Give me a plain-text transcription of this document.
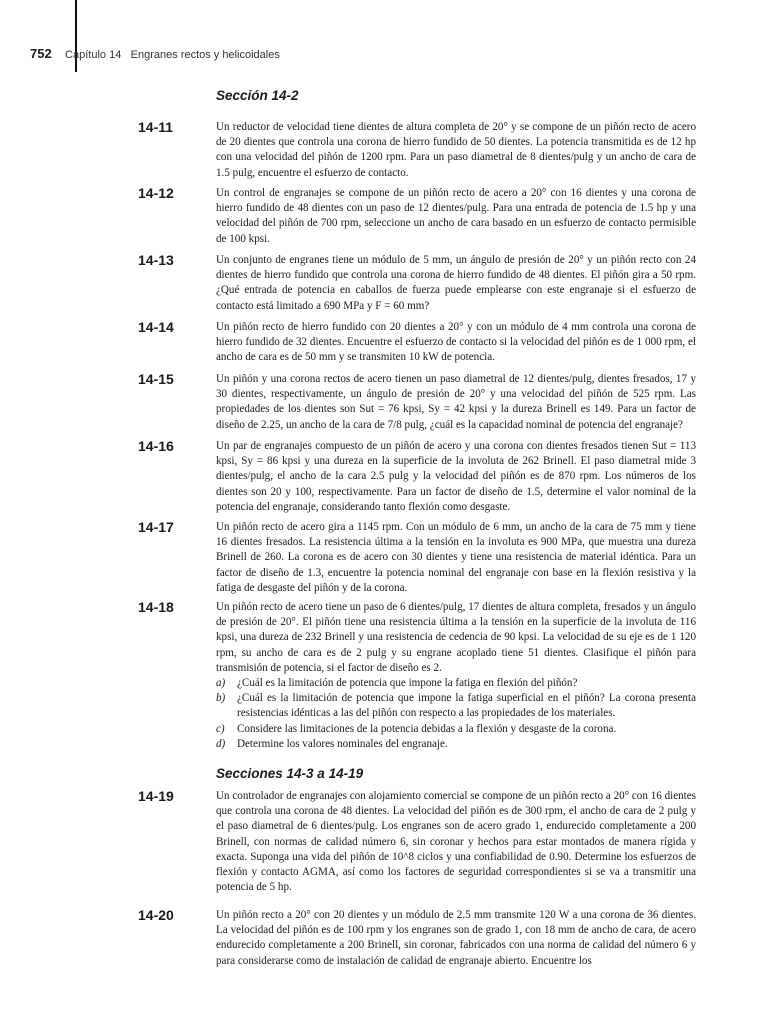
752 Capítulo 14 Engranes rectos y helicoidales
Sección 14-2
14-11	Un reductor de velocidad tiene dientes de altura completa de 20° y se compone de un piñón recto de acero de 20 dientes que controla una corona de hierro fundido de 50 dientes. La potencia transmitida es de 12 hp con una velocidad del piñón de 1200 rpm. Para un paso diametral de 8 dientes/pulg y un ancho de cara de 1.5 pulg, encuentre el esfuerzo de contacto.
14-12	Un control de engranajes se compone de un piñón recto de acero a 20° con 16 dientes y una corona de hierro fundido de 48 dientes con un paso de 12 dientes/pulg. Para una entrada de potencia de 1.5 hp y una velocidad del piñón de 700 rpm, seleccione un ancho de cara basado en un esfuerzo de contacto permisible de 100 kpsi.
14-13	Un conjunto de engranes tiene un módulo de 5 mm, un ángulo de presión de 20° y un piñón recto con 24 dientes de hierro fundido que controla una corona de hierro fundido de 48 dientes. El piñón gira a 50 rpm. ¿Qué entrada de potencia en caballos de fuerza puede emplearse con este engranaje si el esfuerzo de contacto está limitado a 690 MPa y F = 60 mm?
14-14	Un piñón recto de hierro fundido con 20 dientes a 20° y con un módulo de 4 mm controla una corona de hierro fundido de 32 dientes. Encuentre el esfuerzo de contacto si la velocidad del piñón es de 1 000 rpm, el ancho de cara es de 50 mm y se transmiten 10 kW de potencia.
14-15	Un piñón y una corona rectos de acero tienen un paso diametral de 12 dientes/pulg, dientes fresados, 17 y 30 dientes, respectivamente, un ángulo de presión de 20° y una velocidad del piñón de 525 rpm. Las propiedades de los dientes son Sut = 76 kpsi, Sy = 42 kpsi y la dureza Brinell es 149. Para un factor de diseño de 2.25, un ancho de la cara de 7/8 pulg, ¿cuál es la capacidad nominal de potencia del engranaje?
14-16	Un par de engranajes compuesto de un piñón de acero y una corona con dientes fresados tienen Sut = 113 kpsi, Sy = 86 kpsi y una dureza en la superficie de la involuta de 262 Brinell. El paso diametral mide 3 dientes/pulg, el ancho de la cara 2.5 pulg y la velocidad del piñón es de 870 rpm. Los números de los dientes son 20 y 100, respectivamente. Para un factor de diseño de 1.5, determine el valor nominal de la potencia del engranaje, considerando tanto flexión como desgaste.
14-17	Un piñón recto de acero gira a 1145 rpm. Con un módulo de 6 mm, un ancho de la cara de 75 mm y tiene 16 dientes fresados. La resistencia última a la tensión en la involuta es 900 MPa, que muestra una dureza Brinell de 260. La corona es de acero con 30 dientes y tiene una resistencia de material idéntica. Para un factor de diseño de 1.3, encuentre la potencia nominal del engranaje con base en la flexión resistiva y la fatiga de desgaste del piñón y de la corona.
14-18	Un piñón recto de acero tiene un paso de 6 dientes/pulg, 17 dientes de altura completa, fresados y un ángulo de presión de 20°. El piñón tiene una resistencia última a la tensión en la superficie de la involuta de 116 kpsi, una dureza de 232 Brinell y una resistencia de cedencia de 90 kpsi. La velocidad de su eje es de 1 120 rpm, su ancho de cara es de 2 pulg y su engrane acoplado tiene 51 dientes. Clasifique el piñón para transmisión de potencia, si el factor de diseño es 2.
a) ¿Cuál es la limitación de potencia que impone la fatiga en flexión del piñón?
b) ¿Cuál es la limitación de potencia que impone la fatiga superficial en el piñón? La corona presenta resistencias idénticas a las del piñón con respecto a las propiedades de los materiales.
c) Considere las limitaciones de la potencia debidas a la flexión y desgaste de la corona.
d) Determine los valores nominales del engranaje.
Secciones 14-3 a 14-19
14-19	Un controlador de engranajes con alojamiento comercial se compone de un piñón recto a 20° con 16 dientes que controla una corona de 48 dientes. La velocidad del piñón es de 300 rpm, el ancho de cara de 2 pulg y el paso diametral de 6 dientes/pulg. Los engranes son de acero grado 1, endurecido completamente a 200 Brinell, con normas de calidad número 6, sin coronar y hechos para estar montados de manera rígida y exacta. Suponga una vida del piñón de 10^8 ciclos y una confiabilidad de 0.90. Determine los esfuerzos de flexión y contacto AGMA, así como los factores de seguridad correspondientes si se va a transmitir una potencia de 5 hp.
14-20	Un piñón recto a 20° con 20 dientes y un módulo de 2.5 mm transmite 120 W a una corona de 36 dientes. La velocidad del piñón es de 100 rpm y los engranes son de grado 1, con 18 mm de ancho de cara, de acero endurecido completamente a 200 Brinell, sin coronar, fabricados con una norma de calidad del número 6 y para considerarse como de instalación de calidad de engranaje abierto. Encuentre los
